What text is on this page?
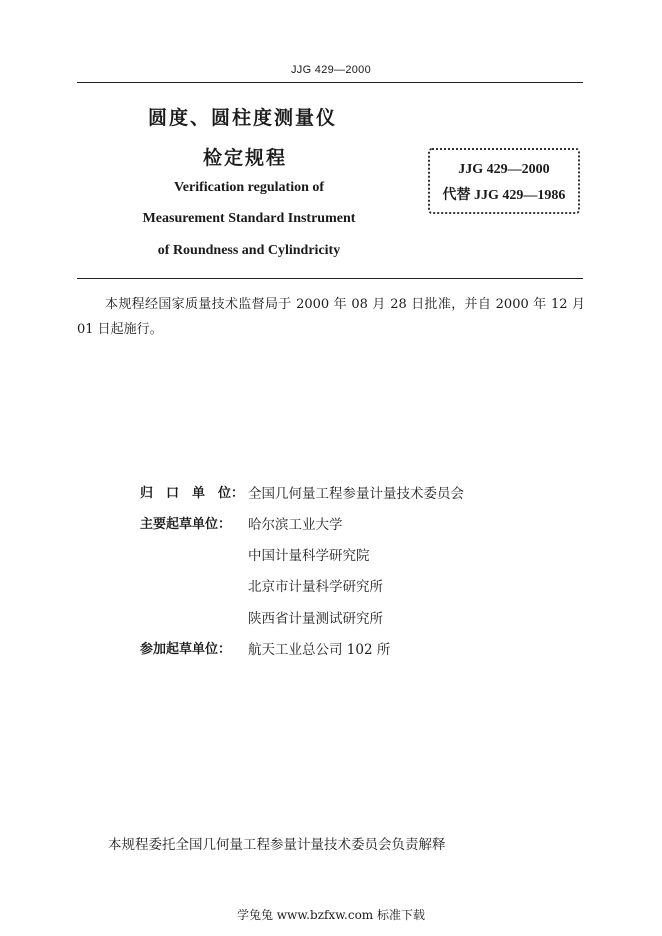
JJG 429—2000
圆度、圆柱度测量仪
检定规程
Verification regulation of
Measurement Standard Instrument
of Roundness and Cylindricity
JJG 429—2000
代替 JJG 429—1986
本规程经国家质量技术监督局于 2000 年 08 月 28 日批准，并自 2000 年 12 月 01 日起施行。
归　口　单　位： 全国几何量工程参量计量技术委员会
主要起草单位： 哈尔滨工业大学
中国计量科学研究院
北京市计量科学研究所
陕西省计量测试研究所
参加起草单位： 航天工业总公司 102 所
本规程委托全国几何量工程参量计量技术委员会负责解释
学兔兔 www.bzfxw.com 标准下载
